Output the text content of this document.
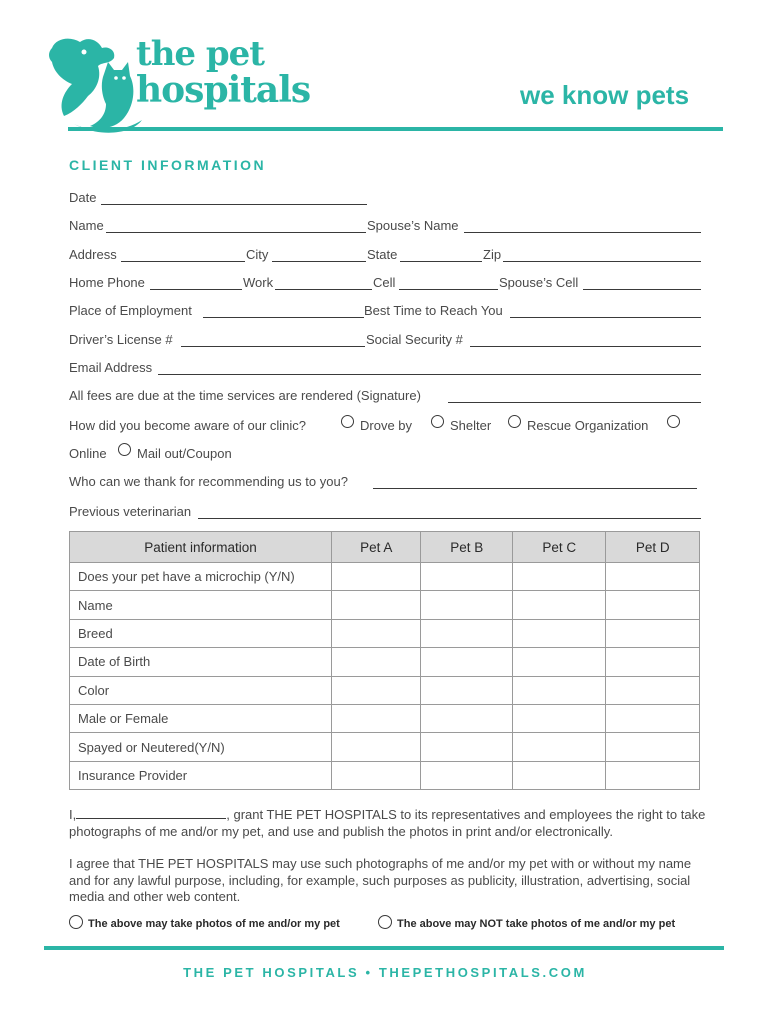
the pet
hospitals	we know pets
CLIENT INFORMATION
Date
Name	Spouse’s Name
Address	City	State	Zip
Home Phone	Work	Cell	Spouse’s Cell
Place of Employment	Best Time to Reach You
Driver’s License #	Social Security #
Email Address
All fees are due at the time services are rendered (Signature)
How did you become aware of our clinic?	Drove by	Shelter	Rescue Organization
Online Mail out/Coupon
Who can we thank for recommending us to you?
Previous veterinarian
Patient information	Pet A	Pet B	Pet C	Pet D
Does your pet have a microchip (Y/N)				
Name				
Breed				
Date of Birth				
Color				
Male or Female				
Spayed or Neutered(Y/N)				
Insurance Provider				
I,	, grant THE PET HOSPITALS to its representatives and employees the right to take photographs of me and/or my pet, and use and publish the photos in print and/or electronically.
I agree that THE PET HOSPITALS may use such photographs of me and/or my pet with or without my name and for any lawful purpose, including, for example, such purposes as publicity, illustration, advertising, social media and other web content.
The above may take photos of me and/or my pet	The above may NOT take photos of me and/or my pet
THE PET HOSPITALS • THEPETHOSPITALS.COM
